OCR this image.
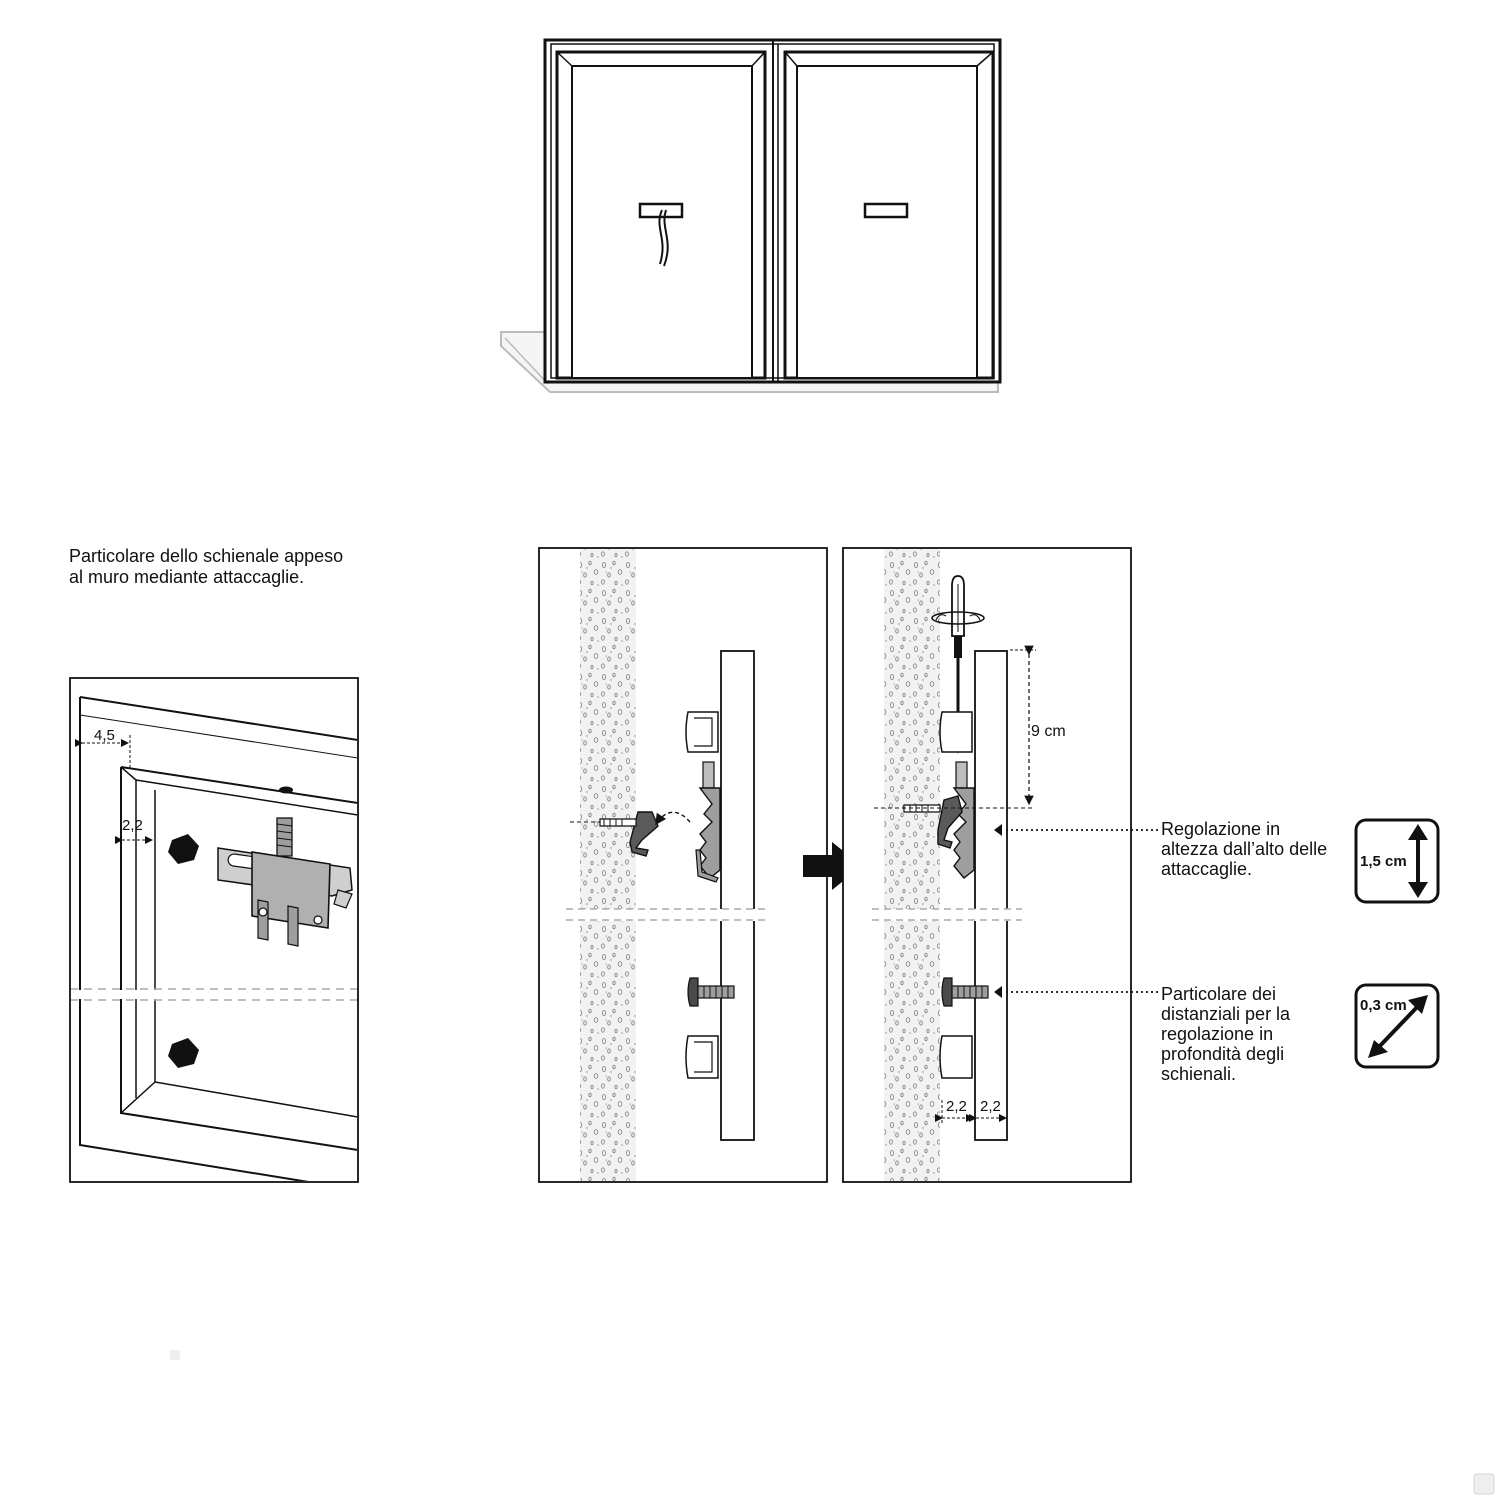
4,5
2,2
9 cm
2,2 2,2
1,5 cm
0,3 cm
Particolare dello schienale appeso
al muro mediante attaccaglie.
Regolazione in
altezza dall’alto delle
attaccaglie.
Particolare dei
distanziali per la
regolazione in
profondità degli
schienali.
